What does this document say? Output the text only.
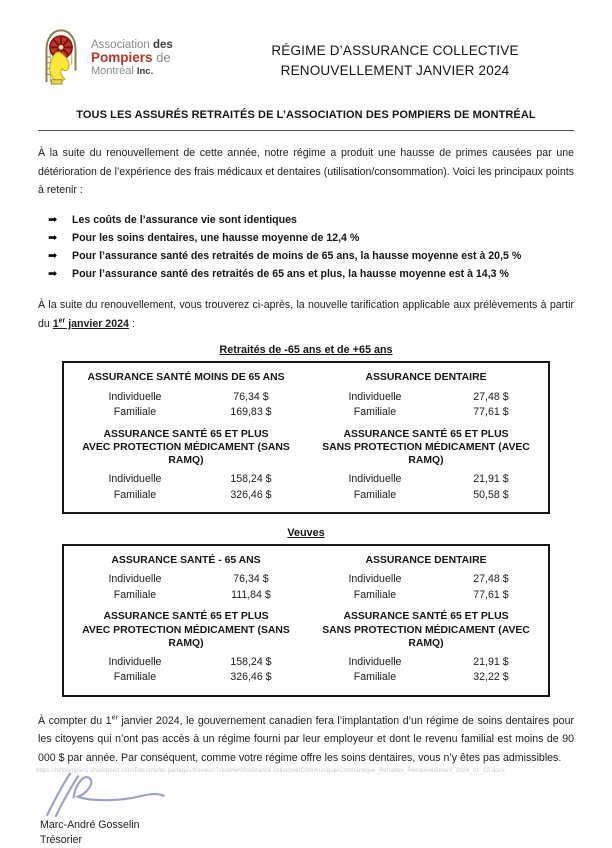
Association des
Pompiers de
Montréal Inc.
RÉGIME D’ASSURANCE COLLECTIVE
RENOUVELLEMENT JANVIER 2024
TOUS LES ASSURÉS RETRAITÉS DE L’ASSOCIATION DES POMPIERS DE MONTRÉAL

À la suite du renouvellement de cette année, notre régime a produit une hausse de primes causées par une détérioration de l’expérience des frais médicaux et dentaires (utilisation/consommation). Voici les principaux points à retenir :

➡	Les coûts de l’assurance vie sont identiques
➡	Pour les soins dentaires, une hausse moyenne de 12,4 %
➡	Pour l’assurance santé des retraités de moins de 65 ans, la hausse moyenne est à 20,5 %
➡	Pour l’assurance santé des retraités de 65 ans et plus, la hausse moyenne est à 14,3 %

À la suite du renouvellement, vous trouverez ci-après, la nouvelle tarification applicable aux prélèvements à partir du 1er janvier 2024 :

Retraités de -65 ans et de +65 ans
ASSURANCE SANTÉ MOINS DE 65 ANS
Individuelle	76,34 $
Familiale	169,83 $
ASSURANCE DENTAIRE
Individuelle	27,48 $
Familiale	77,61 $
ASSURANCE SANTÉ 65 ET PLUS
AVEC PROTECTION MÉDICAMENT (SANS RAMQ)
Individuelle	158,24 $
Familiale	326,46 $
ASSURANCE SANTÉ 65 ET PLUS
SANS PROTECTION MÉDICAMENT (AVEC RAMQ)
Individuelle	21,91 $
Familiale	50,58 $
Veuves
ASSURANCE SANTÉ - 65 ANS
Individuelle	76,34 $
Familiale	111,84 $
ASSURANCE DENTAIRE
Individuelle	27,48 $
Familiale	77,61 $
ASSURANCE SANTÉ 65 ET PLUS
AVEC PROTECTION MÉDICAMENT (SANS RAMQ)
Individuelle	158,24 $
Familiale	326,46 $
ASSURANCE SANTÉ 65 ET PLUS
SANS PROTECTION MÉDICAMENT (AVEC RAMQ)
Individuelle	21,91 $
Familiale	32,22 $

À compter du 1er janvier 2024, le gouvernement canadien fera l’implantation d’un régime de soins dentaires pour les citoyens qui n’ont pas accès à un régime fourni par leur employeur et dont le revenu familial est moins de 90 000 $ par année. Par conséquent, comme votre régime offre les soins dentaires, vous n’y êtes pas admissibles.

Marc-André Gosselin
Trésorier
https://mtlpompiers.sharepoint.com/Documents partages/travaux/Trésorier/Assurance collective/Communiqué/Communique_Retraites_Renouvellement_2024_01_10.docx
